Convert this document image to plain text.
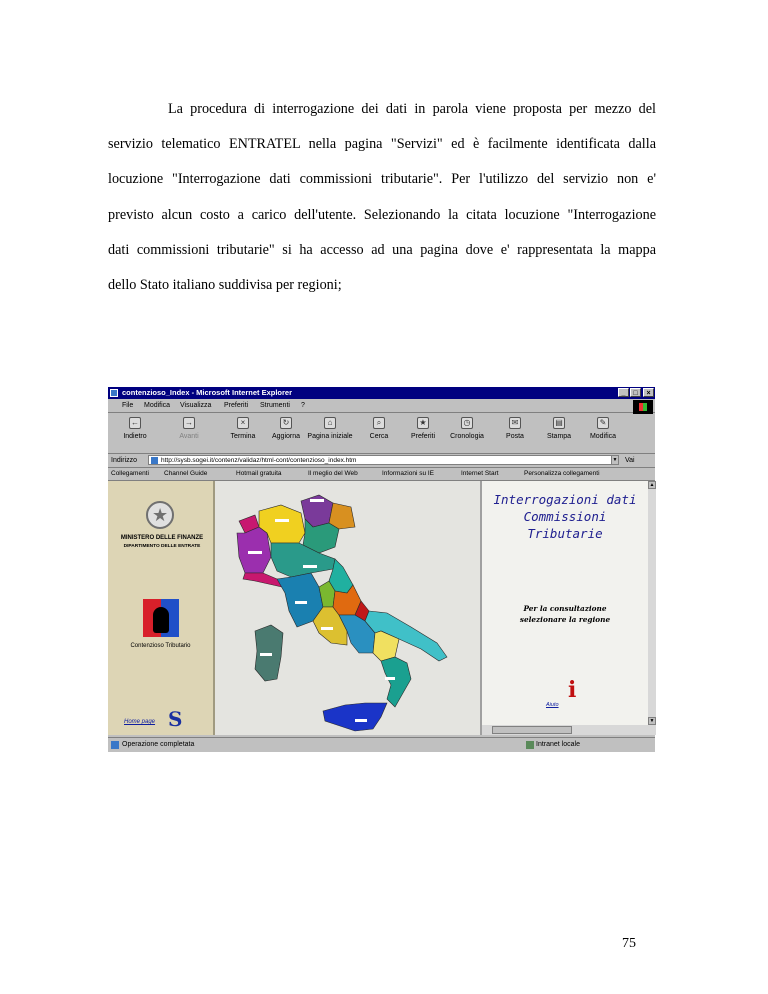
La procedura di interrogazione dei dati in parola viene proposta per mezzo del
servizio telematico ENTRATEL nella pagina "Servizi" ed è facilmente identificata dalla
locuzione "Interrogazione dati commissioni tributarie". Per l'utilizzo del servizio non e'
previsto alcun costo a carico dell'utente. Selezionando la citata locuzione "Interrogazione
dati commissioni tributarie" si ha accesso ad una pagina dove e' rappresentata la mappa
dello Stato italiano suddivisa per regioni;
contenzioso_Index - Microsoft Internet Explorer	_	□	×
File Modifica Visualizza Preferiti Strumenti ?
←
Indietro
→
Avanti
×
Termina
↻
Aggiorna
⌂
Pagina iniziale
⌕
Cerca
★
Preferiti
◷
Cronologia
✉
Posta
▤
Stampa
✎
Modifica
Indirizzo	http://sysb.sogei.it/contenz/validaz/html-cont/contenzioso_index.htm	▼ Vai
Collegamenti Channel Guide	Hotmail gratuita	Il meglio del Web	Informazioni su IE	Internet Start	Personalizza collegamenti
★
MINISTERO DELLE FINANZE
DIPARTIMENTO DELLE ENTRATE
Contenzioso Tributario
Home page S
Interrogazioni dati
Commissioni
Tributarie
Per la consultazione
selezionare la regione
i
Aiuto
▲
▼
Operazione completata	Intranet locale
75
